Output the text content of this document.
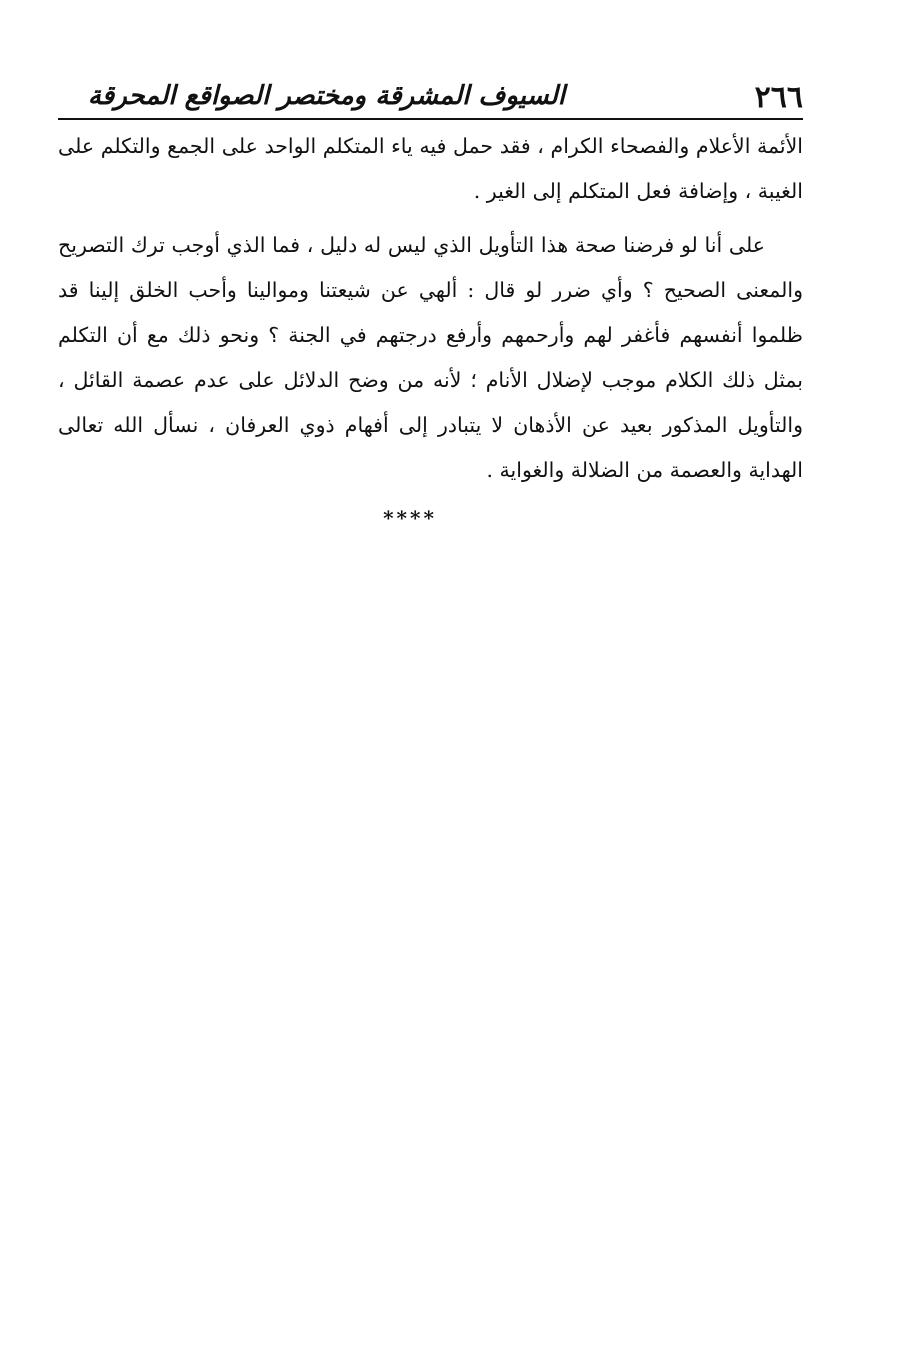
٢٦٦
السيوف المشرقة ومختصر الصواقع المحرقة

الأئمة الأعلام والفصحاء الكرام ، فقد حمل فيه ياء المتكلم الواحد على الجمع والتكلم على الغيبة ، وإضافة فعل المتكلم إلى الغير .

على أنا لو فرضنا صحة هذا التأويل الذي ليس له دليل ، فما الذي أوجب ترك التصريح والمعنى الصحيح ؟ وأي ضرر لو قال : ألهي عن شيعتنا وموالينا وأحب الخلق إلينا قد ظلموا أنفسهم فأغفر لهم وأرحمهم وأرفع درجتهم في الجنة ؟ ونحو ذلك مع أن التكلم بمثل ذلك الكلام موجب لإضلال الأنام ؛ لأنه من وضح الدلائل على عدم عصمة القائل ، والتأويل المذكور بعيد عن الأذهان لا يتبادر إلى أفهام ذوي العرفان ، نسأل الله تعالى الهداية والعصمة من الضلالة والغواية .

****
